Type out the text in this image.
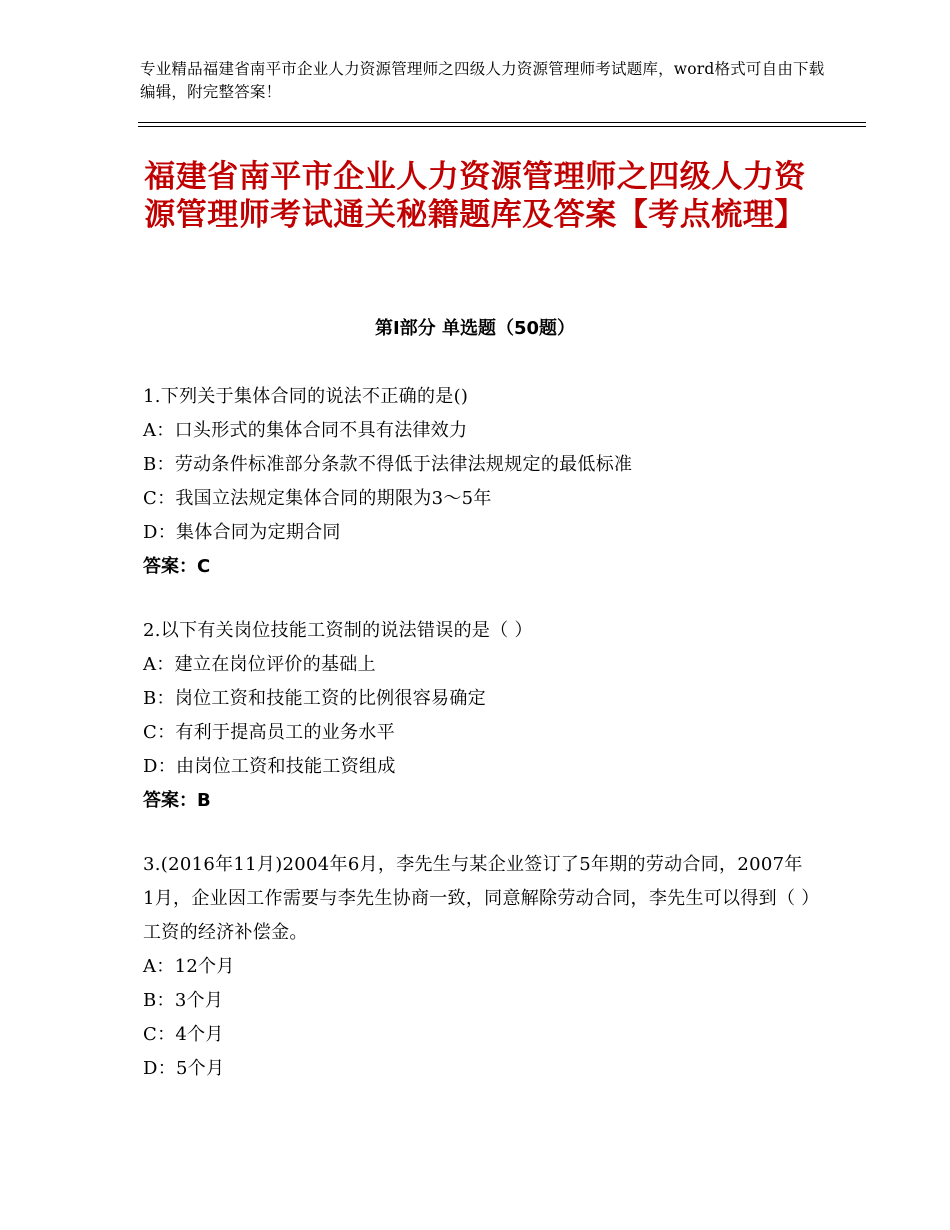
专业精品福建省南平市企业人力资源管理师之四级人力资源管理师考试题库，word格式可自由下载编辑，附完整答案！
福建省南平市企业人力资源管理师之四级人力资源管理师考试通关秘籍题库及答案【考点梳理】
第Ⅰ部分 单选题（50题）
1.下列关于集体合同的说法不正确的是()
A：口头形式的集体合同不具有法律效力
B：劳动条件标准部分条款不得低于法律法规规定的最低标准
C：我国立法规定集体合同的期限为3～5年
D：集体合同为定期合同
答案：C
2.以下有关岗位技能工资制的说法错误的是（ ）
A：建立在岗位评价的基础上
B：岗位工资和技能工资的比例很容易确定
C：有利于提高员工的业务水平
D：由岗位工资和技能工资组成
答案：B
3.(2016年11月)2004年6月，李先生与某企业签订了5年期的劳动合同，2007年1月，企业因工作需要与李先生协商一致，同意解除劳动合同，李先生可以得到（ ）工资的经济补偿金。
A：12个月
B：3个月
C：4个月
D：5个月
